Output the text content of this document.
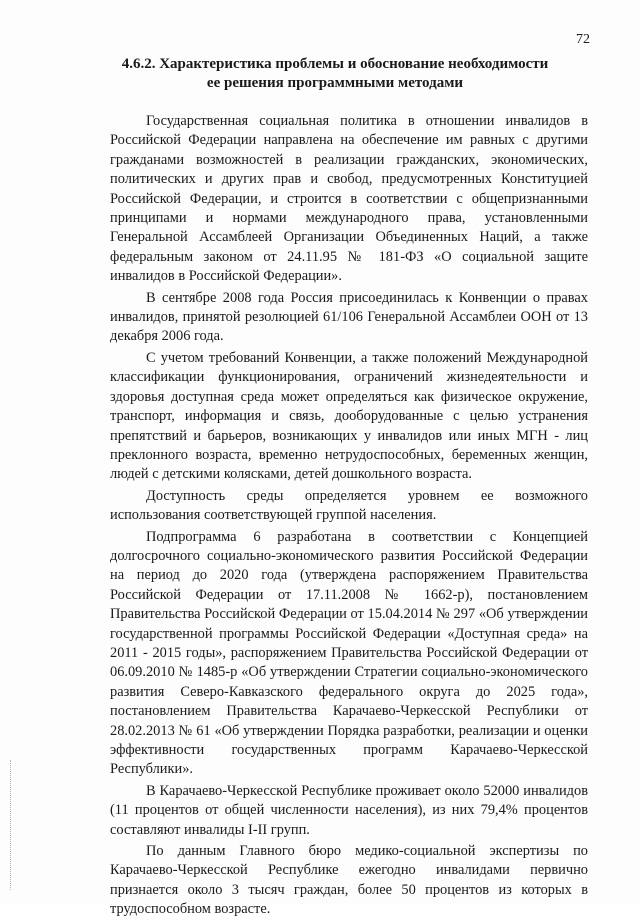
72
4.6.2. Характеристика проблемы и обоснование необходимости
ее решения программными методами

Государственная социальная политика в отношении инвалидов в Российской Федерации направлена на обеспечение им равных с другими гражданами возможностей в реализации гражданских, экономических, политических и других прав и свобод, предусмотренных Конституцией Российской Федерации, и строится в соответствии с общепризнанными принципами и нормами международного права, установленными Генеральной Ассамблеей Организации Объединенных Наций, а также федеральным законом от 24.11.95 № 181-ФЗ «О социальной защите инвалидов в Российской Федерации».

В сентябре 2008 года Россия присоединилась к Конвенции о правах инвалидов, принятой резолюцией 61/106 Генеральной Ассамблеи ООН от 13 декабря 2006 года.

С учетом требований Конвенции, а также положений Международной классификации функционирования, ограничений жизнедеятельности и здоровья доступная среда может определяться как физическое окружение, транспорт, информация и связь, дооборудованные с целью устранения препятствий и барьеров, возникающих у инвалидов или иных МГН - лиц преклонного возраста, временно нетрудоспособных, беременных женщин, людей с детскими колясками, детей дошкольного возраста.

Доступность среды определяется уровнем ее возможного использования соответствующей группой населения.

Подпрограмма 6 разработана в соответствии с Концепцией долгосрочного социально-экономического развития Российской Федерации на период до 2020 года (утверждена распоряжением Правительства Российской Федерации от 17.11.2008 № 1662-р), постановлением Правительства Российской Федерации от 15.04.2014 № 297 «Об утверждении государственной программы Российской Федерации «Доступная среда» на 2011 - 2015 годы», распоряжением Правительства Российской Федерации от 06.09.2010 № 1485-р «Об утверждении Стратегии социально-экономического развития Северо-Кавказского федерального округа до 2025 года», постановлением Правительства Карачаево-Черкесской Республики от 28.02.2013 № 61 «Об утверждении Порядка разработки, реализации и оценки эффективности государственных программ Карачаево-Черкесской Республики».

В Карачаево-Черкесской Республике проживает около 52000 инвалидов (11 процентов от общей численности населения), из них 79,4% процентов составляют инвалиды I-II групп.

По данным Главного бюро медико-социальной экспертизы по Карачаево-Черкесской Республике ежегодно инвалидами первично признается около 3 тысяч граждан, более 50 процентов из которых в трудоспособном возрасте.
